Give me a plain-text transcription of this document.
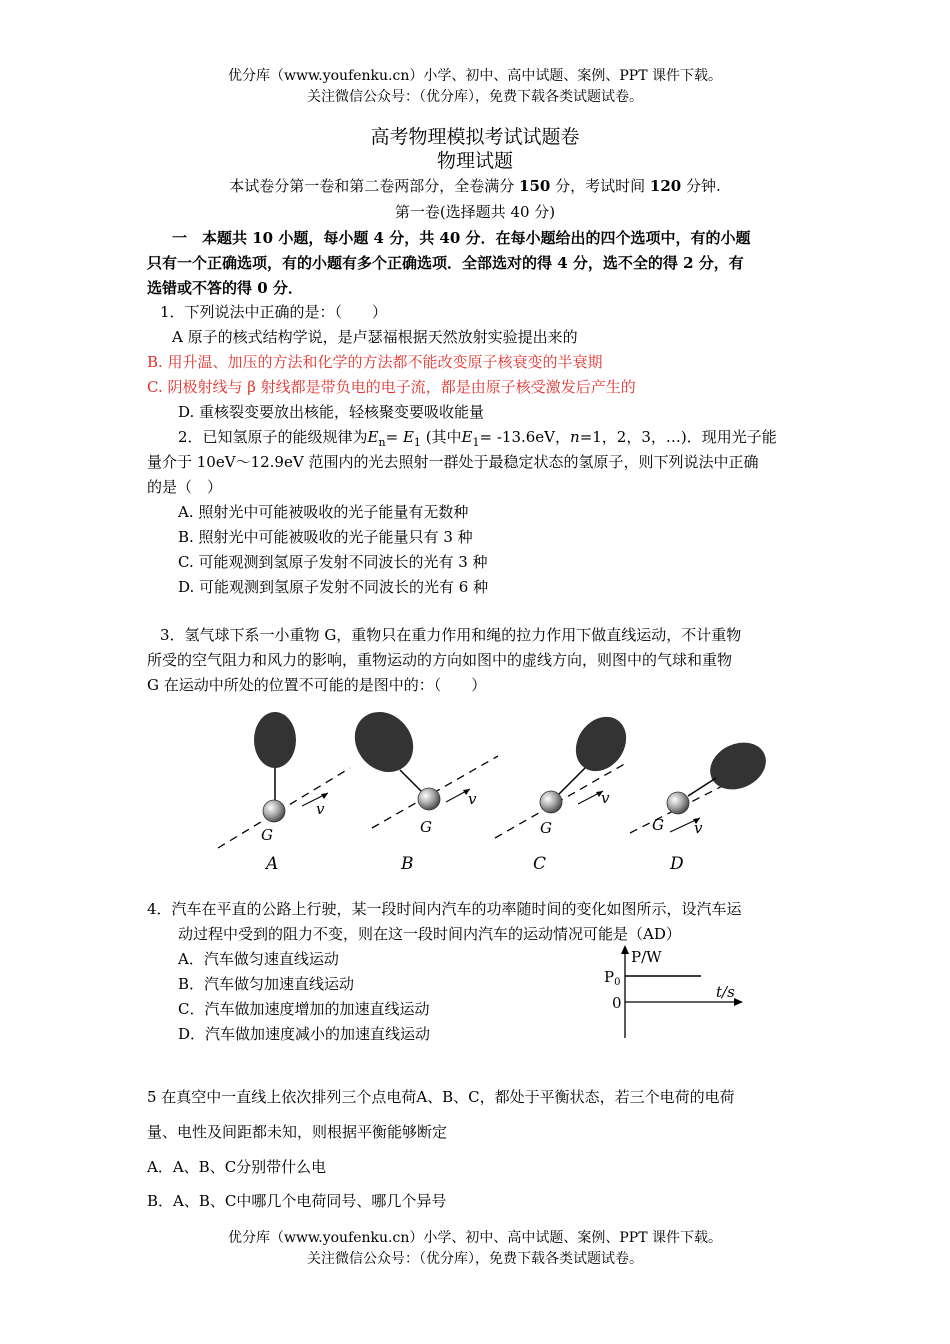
优分库（www.youfenku.cn）小学、初中、高中试题、案例、PPT 课件下载。
关注微信公众号：（优分库），免费下载各类试题试卷。
高考物理模拟考试试题卷
物理试题
本试卷分第一卷和第二卷两部分，全卷满分 150 分，考试时间 120 分钟.
第一卷(选择题共 40 分)
一　本题共 10 小题，每小题 4 分，共 40 分．在每小题给出的四个选项中，有的小题
只有一个正确选项，有的小题有多个正确选项．全部选对的得 4 分，选不全的得 2 分，有
选错或不答的得 0 分．
1．下列说法中正确的是：（　　）
A 原子的核式结构学说，是卢瑟福根据天然放射实验提出来的
B. 用升温、加压的方法和化学的方法都不能改变原子核衰变的半衰期
C. 阴极射线与 β 射线都是带负电的电子流，都是由原子核受激发后产生的
D. 重核裂变要放出核能，轻核聚变要吸收能量
2．已知氢原子的能级规律为$E_n= E_1$ (其中$E_1= -13.6eV$，n=1，2，3，…)．现用光子能
量介于 10eV～12.9eV 范围内的光去照射一群处于最稳定状态的氢原子，则下列说法中正确
的是（　）
A. 照射光中可能被吸收的光子能量有无数种
B. 照射光中可能被吸收的光子能量只有 3 种
C. 可能观测到氢原子发射不同波长的光有 3 种
D. 可能观测到氢原子发射不同波长的光有 6 种
3．氢气球下系一小重物 G，重物只在重力作用和绳的拉力作用下做直线运动，不计重物
所受的空气阻力和风力的影响，重物运动的方向如图中的虚线方向，则图中的气球和重物
G 在运动中所处的位置不可能的是图中的：（　　）
v
G
A
v
G
B
v
G
C
v
G
D
4．汽车在平直的公路上行驶，某一段时间内汽车的功率随时间的变化如图所示，设汽车运
动过程中受到的阻力不变，则在这一段时间内汽车的运动情况可能是（AD）
A．汽车做匀速直线运动
B．汽车做匀加速直线运动
C．汽车做加速度增加的加速直线运动
D．汽车做加速度减小的加速直线运动
P/W
t/s
$P_0$
0
5 在真空中一直线上依次排列三个点电荷A、B、C，都处于平衡状态，若三个电荷的电荷
量、电性及间距都未知，则根据平衡能够断定
A．A、B、C分别带什么电
B．A、B、C中哪几个电荷同号、哪几个异号
优分库（www.youfenku.cn）小学、初中、高中试题、案例、PPT 课件下载。
关注微信公众号：（优分库），免费下载各类试题试卷。
